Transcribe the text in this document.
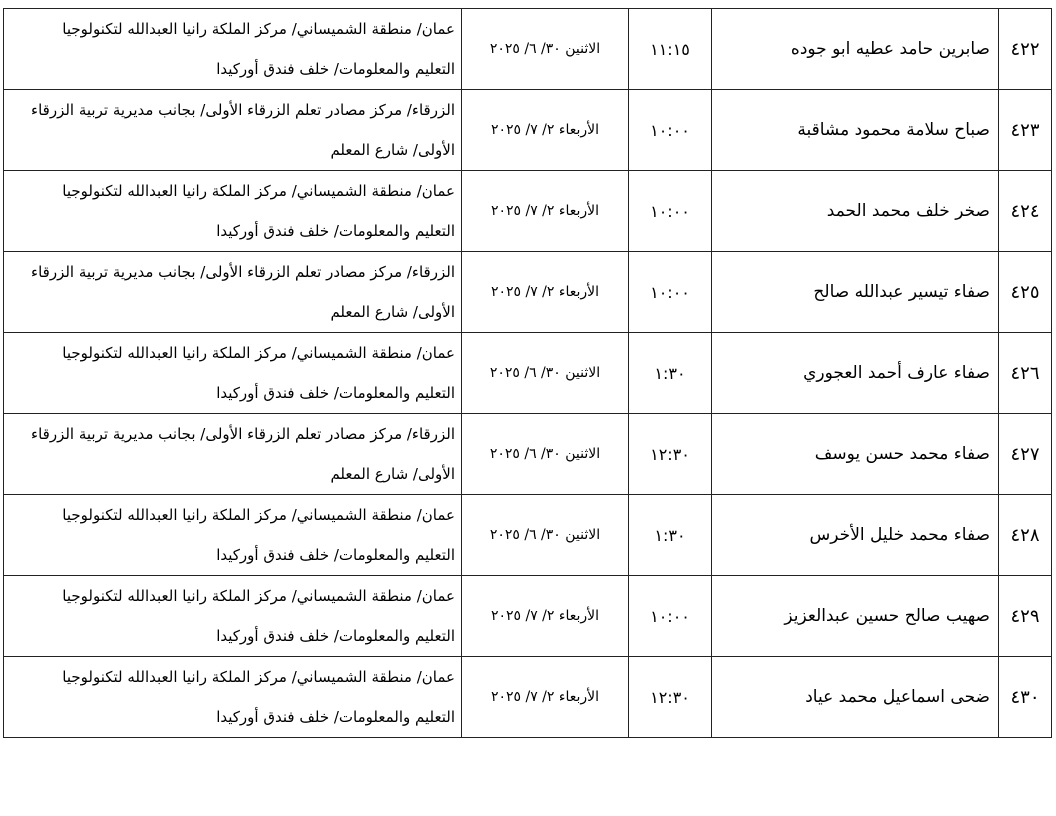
٤٢٢	صابرين حامد عطيه ابو جوده	١١:١٥	الاثنين ٣٠/ ٦/ ٢٠٢٥	عمان/ منطقة الشميساني/ مركز الملكة رانيا العبدالله لتكنولوجيا
التعليم والمعلومات/ خلف فندق أوركيدا

٤٢٣	صباح سلامة محمود مشاقبة	١٠:٠٠	الأربعاء ٢/ ٧/ ٢٠٢٥	الزرقاء/ مركز مصادر تعلم الزرقاء الأولى/ بجانب مديرية تربية الزرقاء
الأولى/ شارع المعلم

٤٢٤	صخر خلف محمد الحمد	١٠:٠٠	الأربعاء ٢/ ٧/ ٢٠٢٥	عمان/ منطقة الشميساني/ مركز الملكة رانيا العبدالله لتكنولوجيا
التعليم والمعلومات/ خلف فندق أوركيدا

٤٢٥	صفاء تيسير عبدالله صالح	١٠:٠٠	الأربعاء ٢/ ٧/ ٢٠٢٥	الزرقاء/ مركز مصادر تعلم الزرقاء الأولى/ بجانب مديرية تربية الزرقاء
الأولى/ شارع المعلم

٤٢٦	صفاء عارف أحمد العجوري	١:٣٠	الاثنين ٣٠/ ٦/ ٢٠٢٥	عمان/ منطقة الشميساني/ مركز الملكة رانيا العبدالله لتكنولوجيا
التعليم والمعلومات/ خلف فندق أوركيدا

٤٢٧	صفاء محمد حسن يوسف	١٢:٣٠	الاثنين ٣٠/ ٦/ ٢٠٢٥	الزرقاء/ مركز مصادر تعلم الزرقاء الأولى/ بجانب مديرية تربية الزرقاء
الأولى/ شارع المعلم

٤٢٨	صفاء محمد خليل الأخرس	١:٣٠	الاثنين ٣٠/ ٦/ ٢٠٢٥	عمان/ منطقة الشميساني/ مركز الملكة رانيا العبدالله لتكنولوجيا
التعليم والمعلومات/ خلف فندق أوركيدا

٤٢٩	صهيب صالح حسين عبدالعزيز	١٠:٠٠	الأربعاء ٢/ ٧/ ٢٠٢٥	عمان/ منطقة الشميساني/ مركز الملكة رانيا العبدالله لتكنولوجيا
التعليم والمعلومات/ خلف فندق أوركيدا

٤٣٠	ضحى اسماعيل محمد عياد	١٢:٣٠	الأربعاء ٢/ ٧/ ٢٠٢٥	عمان/ منطقة الشميساني/ مركز الملكة رانيا العبدالله لتكنولوجيا
التعليم والمعلومات/ خلف فندق أوركيدا
